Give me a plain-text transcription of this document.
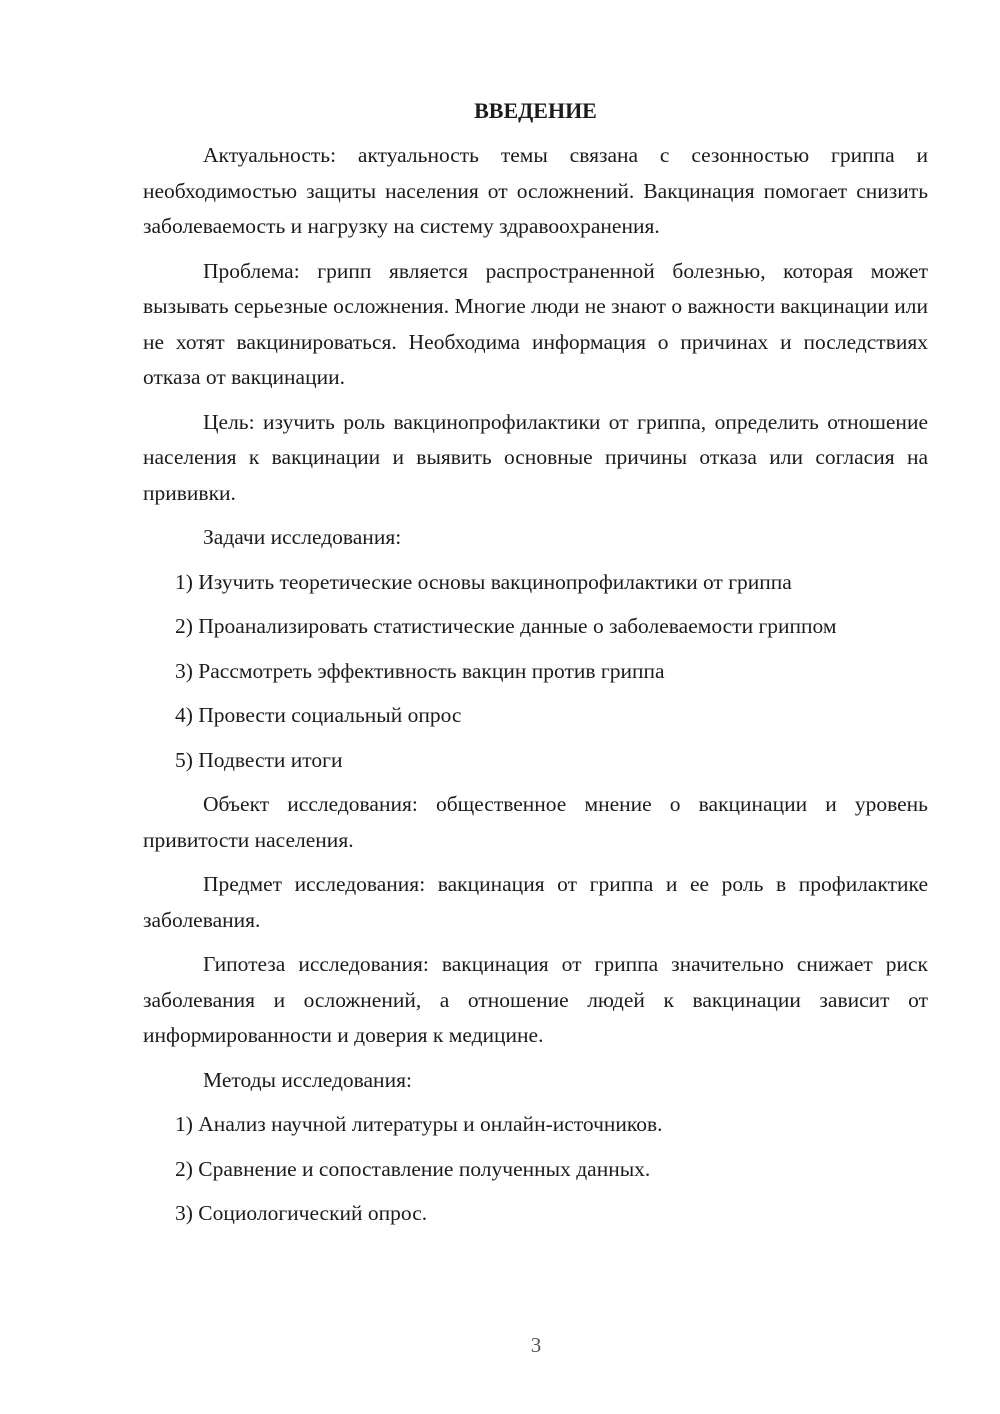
ВВЕДЕНИЕ

Актуальность: актуальность темы связана с сезонностью гриппа и необходимостью защиты населения от осложнений. Вакцинация помогает снизить заболеваемость и нагрузку на систему здравоохранения.

Проблема: грипп является распространенной болезнью, которая может вызывать серьезные осложнения. Многие люди не знают о важности вакцинации или не хотят вакцинироваться. Необходима информация о причинах и последствиях отказа от вакцинации.

Цель: изучить роль вакцинопрофилактики от гриппа, определить отношение населения к вакцинации и выявить основные причины отказа или согласия на прививки.

Задачи исследования:

1) Изучить теоретические основы вакцинопрофилактики от гриппа

2) Проанализировать статистические данные о заболеваемости гриппом

3) Рассмотреть эффективность вакцин против гриппа

4) Провести социальный опрос

5) Подвести итоги

Объект исследования: общественное мнение о вакцинации и уровень привитости населения.

Предмет исследования: вакцинация от гриппа и ее роль в профилактике заболевания.

Гипотеза исследования: вакцинация от гриппа значительно снижает риск заболевания и осложнений, а отношение людей к вакцинации зависит от информированности и доверия к медицине.

Методы исследования:

1) Анализ научной литературы и онлайн-источников.

2) Сравнение и сопоставление полученных данных.

3) Социологический опрос.

3
